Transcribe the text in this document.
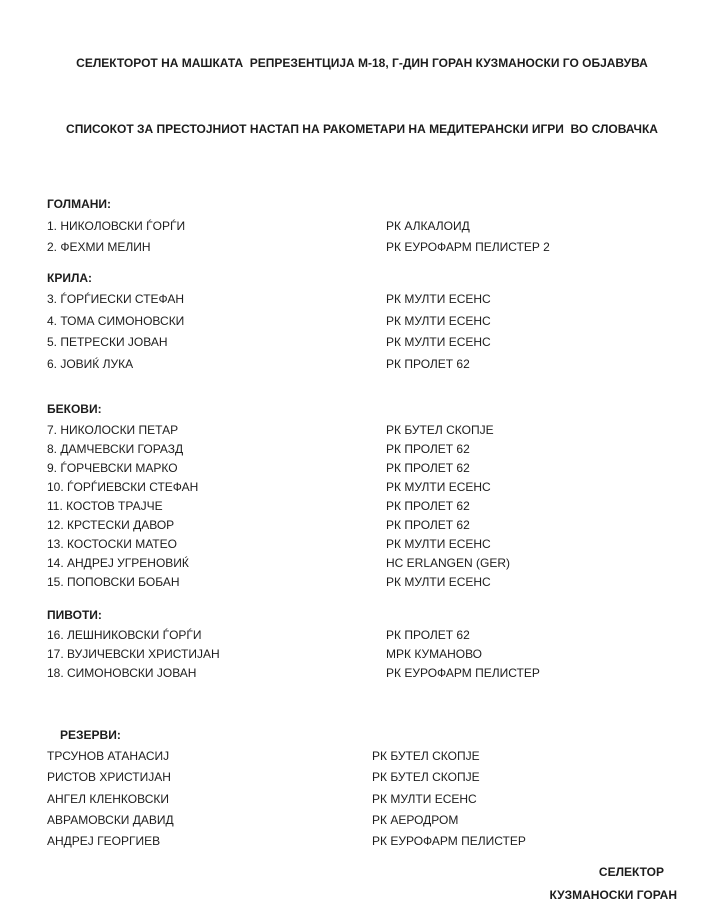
СЕЛЕКТОРОТ НА МАШКАТА  РЕПРЕЗЕНТЦИЈА М-18, Г-ДИН ГОРАН КУЗМАНОСКИ ГО ОБЈАВУВА

СПИСОКОТ ЗА ПРЕСТОЈНИОТ НАСТАП НА РАКОМЕТАРИ НА МЕДИТЕРАНСКИ ИГРИ  ВО СЛОВАЧКА

ГОЛМАНИ:
1. НИКОЛОВСКИ ЃОРЃИ	РК АЛКАЛОИД
2. ФЕХМИ МЕЛИН	РК ЕУРОФАРМ ПЕЛИСТЕР 2
КРИЛА:
3. ЃОРЃИЕСКИ СТЕФАН	РК МУЛТИ ЕСЕНС
4. ТОМА СИМОНОВСКИ	РК МУЛТИ ЕСЕНС
5. ПЕТРЕСКИ ЈОВАН	РК МУЛТИ ЕСЕНС
6. ЈОВИЌ ЛУКА	РК ПРОЛЕТ 62
БЕКОВИ:
7. НИКОЛОСКИ ПЕТАР	РК БУТЕЛ СКОПЈЕ
8. ДАМЧЕВСКИ ГОРАЗД	РК ПРОЛЕТ 62
9. ЃОРЧЕВСКИ МАРКО	РК ПРОЛЕТ 62
10. ЃОРЃИЕВСКИ СТЕФАН	РК МУЛТИ ЕСЕНС
11. КОСТОВ ТРАЈЧЕ	РК ПРОЛЕТ 62
12. КРСТЕСКИ ДАВОР	РК ПРОЛЕТ 62
13. КОСТОСКИ МАТЕО	РК МУЛТИ ЕСЕНС
14. АНДРЕЈ УГРЕНОВИЌ	HC ERLANGEN (GER)
15. ПОПОВСКИ БОБАН	РК МУЛТИ ЕСЕНС
ПИВОТИ:
16. ЛЕШНИКОВСКИ ЃОРЃИ	РК ПРОЛЕТ 62
17. ВУЈИЧЕВСКИ ХРИСТИЈАН	МРК КУМАНОВО
18. СИМОНОВСКИ ЈОВАН	РК ЕУРОФАРМ ПЕЛИСТЕР
РЕЗЕРВИ:
ТРСУНОВ АТАНАСИЈ	РК БУТЕЛ СКОПЈЕ
РИСТОВ ХРИСТИЈАН	РК БУТЕЛ СКОПЈЕ
АНГЕЛ КЛЕНКОВСКИ	РК МУЛТИ ЕСЕНС
АВРАМОВСКИ ДАВИД	РК АЕРОДРОМ
АНДРЕЈ ГЕОРГИЕВ	РК ЕУРОФАРМ ПЕЛИСТЕР
СЕЛЕКТОР
КУЗМАНОСКИ ГОРАН
